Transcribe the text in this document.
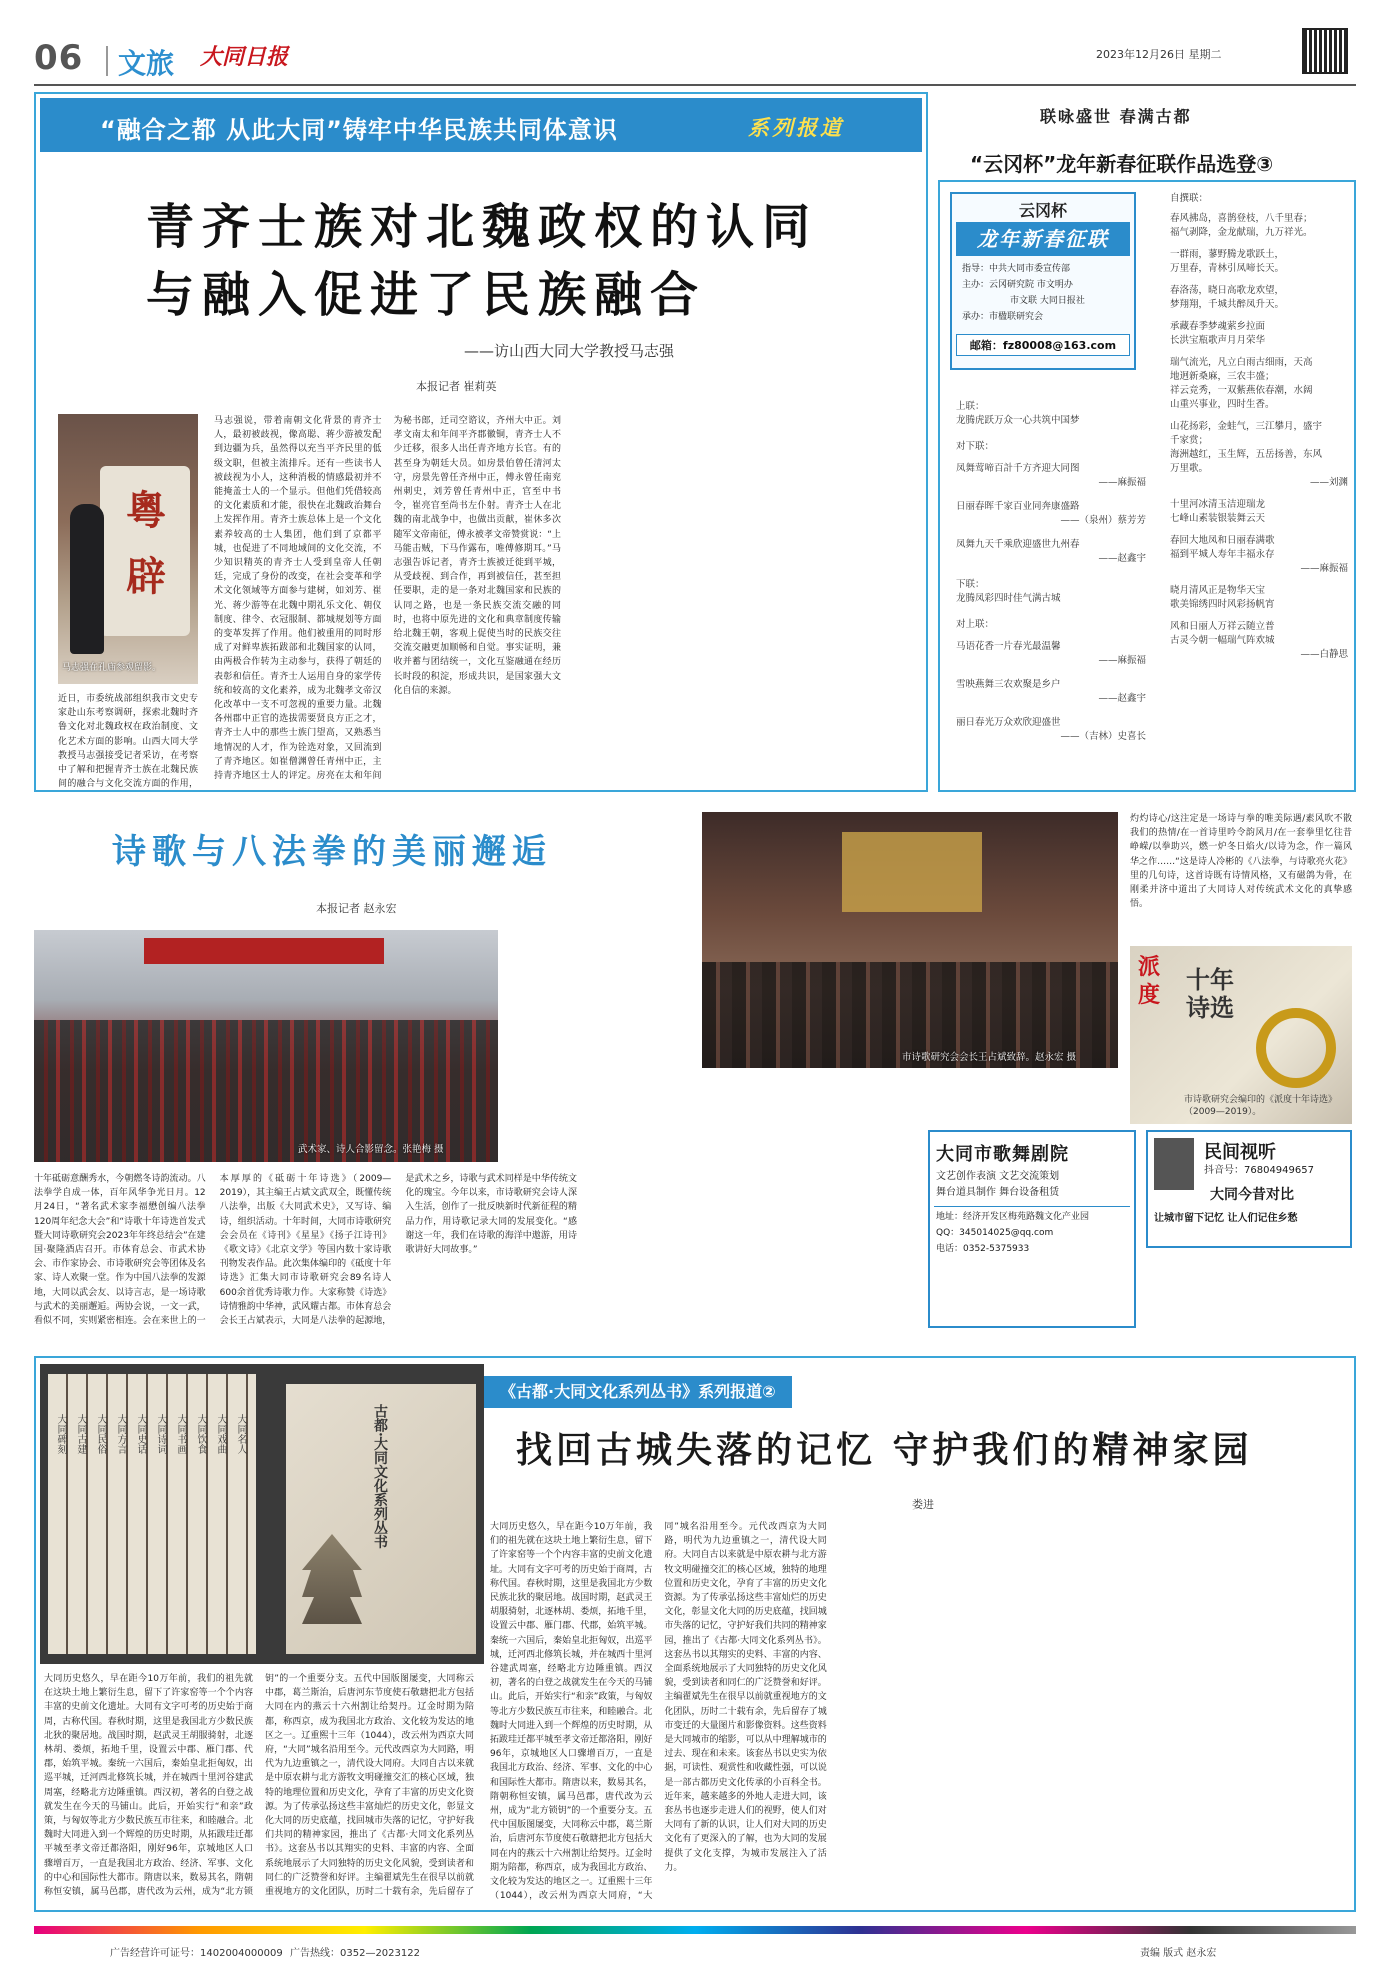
06 文旅 大同日报	2023年12月26日 星期二
“融合之都 从此大同”铸牢中华民族共同体意识	系列报道
青齐士族对北魏政权的认同
与融入促进了民族融合
——访山西大同大学教授马志强
本报记者 崔莉英
粵辟
马志强在孔庙参观留影。
近日，市委统战部组织我市文史专家赴山东考察调研，探索北魏时齐鲁文化对北魏政权在政治制度、文化艺术方面的影响。山西大同大学教授马志强接受记者采访，在考察中了解和把握青齐士族在北魏民族间的融合与文化交流方面的作用，
马志强说，带着南朝文化背景的青齐士人，最初被歧视，像高聪、蒋少游被发配到边疆为兵，虽然得以充当平齐民里的低级文职，但被主流排斥。还有一些读书人被歧视为小人，这种消极的情感最初并不能掩盖士人的一个显示。但他们凭借较高的文化素质和才能，很快在北魏政治舞台上发挥作用。青齐士族总体上是一个文化素养较高的士人集团，他们到了京都平城，也促进了不同地域间的文化交流，不少知识精英的青齐士人受到皇帝人任朝廷，完成了身份的改变，在社会变革和学术文化领域等方面参与建树，如刘芳、崔光、蒋少游等在北魏中期礼乐文化、朝仪制度、律令、衣冠服制、都城规划等方面的变革发挥了作用。他们被重用的同时形成了对鲜卑族拓跋部和北魏国家的认同，由两极合作转为主动参与，获得了朝廷的表彰和信任。青齐士人运用自身的家学传统和较高的文化素养，成为北魏孝文帝汉化改革中一支不可忽视的重要力量。北魏各州郡中正官的选拔需要贤良方正之才，青齐士人中的那些士族门望高，又熟悉当地情况的人才，作为铨选对象，又回流到了青齐地区。如崔僧渊曾任青州中正，主持青齐地区士人的评定。房亮在太和年间为秘书郎，迁司空谘议，齐州大中正。刘孝文南太和年间平齐郡徽铜，青齐士人不少迁移，很多人出任青齐地方长官。有的甚至身为朝廷大员。如房景伯曾任清河太守，房景先曾任齐州中正，傅永曾任南兖州刺史，刘芳曾任青州中正，官至中书令，崔亮官至尚书左仆射。青齐士人在北魏的南北战争中，也做出贡献，崔休多次随军文帝南征，傅永被孝文帝赞赏说：“上马能击贼，下马作露布，唯傅修期耳。”马志强告诉记者，青齐士族被迁徙到平城，从受歧视、到合作，再到被信任，甚至担任要职，走的是一条对北魏国家和民族的认同之路，也是一条民族交流交融的同时，也将中原先进的文化和典章制度传输给北魏王朝，客观上促使当时的民族交往交流交融更加顺畅和自觉。事实证明，兼收并蓄与团结统一，文化互鉴融通在经历长时段的积淀，形成共识，是国家强大文化自信的来源。
联咏盛世 春满古都
“云冈杯”龙年新春征联作品选登③
云冈杯
龙年新春征联
指导：中共大同市委宣传部
主办：云冈研究院 市文明办
市文联 大同日报社
承办：市楹联研究会
邮箱：fz80008@163.com
上联：
龙腾虎跃万众一心共筑中国梦
对下联：
凤舞莺啼百計千方齐迎大同图
——麻振福
日丽春晖千家百业同奔康盛路
——（泉州）蔡芳芳
凤舞九天千乘欣迎盛世九州春
——赵鑫宇
下联：
龙腾凤彩四时佳气满古城
对上联：
马语花香一片春光最温馨
——麻振福
雪映燕舞三农欢聚是乡户
——赵鑫宇
丽日春光万众欢欣迎盛世
——（吉林）史喜长
自撰联：
春风拂岛，喜鹊登枝，八千里春；
福气剥降，金龙献瑞，九万祥光。
一群雨，蓼野腾龙歌跃土，
万里春，青林引凤啼长天。
春洛荡，晓日高歌龙欢望，
梦翔翔，千城共醉凤升天。
承藏春季梦魂萦乡拉面
长洪宝瓶歌声月月荣华
瑞气流光，凡立白雨古细雨，天高
地迥新桑麻，三农丰盛；
祥云竞秀，一双紫燕依春潮，水阔
山重兴事业，四时生香。
山花扬彩，金蛙气，三江攀月，盛宇
千家赏；
海洲越红，玉生辉，五岳扬善，东风
万里歌。
——刘渊
十里河冰清玉洁迎瑞龙
七峰山素装银装舞云天
春回大地凤和日丽春满歌
福到平城人寿年丰福永存
——麻振福
晓月清风正是物华天宝
歌美锦绣四时风彩扬帆宵
风和日丽人万祥云随立普
古灵今朝一幅瑞气阵欢城
——白静思
诗歌与八法拳的美丽邂逅
本报记者 赵永宏
武术家、诗人合影留念。张艳梅 摄
市诗歌研究会会长王占斌致辞。赵永宏 摄
十年砥砺意酬秀水，今朝燃冬诗韵流动。八法拳学自成一体，百年风华争光日月。12月24日，“著名武术家李福懋创编八法拳120周年纪念大会”和“诗歌十年诗选首发式暨大同诗歌研究会2023年年终总结会”在建国·聚隆酒店召开。市体育总会、市武术协会、市作家协会、市诗歌研究会等团体及名家、诗人欢聚一堂。作为中国八法拳的发源地，大同以武会友、以诗言志，是一场诗歌与武术的美丽邂逅。两协会说，一文一武，看似不同，实则紧密相连。会在来世上的一本厚厚的《砥砺十年诗选》（2009—2019），其主编王占斌文武双全，既懂传统八法拳，出版《大同武术史》，又写诗、编诗，组织活动。十年时间，大同市诗歌研究会会员在《诗刊》《星星》《扬子江诗刊》《歌文诗》《北京文学》等国内数十家诗歌刊物发表作品。此次集体编印的《砥度十年诗选》汇集大同市诗歌研究会89名诗人600余首优秀诗歌力作。大家称赞《诗选》诗情雅韵中华神，武风耀古都。市体育总会会长王占斌表示，大同是八法拳的起源地，是武术之乡，诗歌与武术同样是中华传统文化的瑰宝。今年以来，市诗歌研究会诗人深入生活，创作了一批反映新时代新征程的精品力作，用诗歌记录大同的发展变化。“感谢这一年，我们在诗歌的海洋中遨游，用诗歌讲好大同故事。”
灼灼诗心/这注定是一场诗与拳的唯美际遇/素风吹不散我们的热情/在一首诗里吟令韵风月/在一套拳里忆往昔峥嵘/以拳助兴，燃一炉冬日焰火/以诗为念，作一篇风华之作……“这是诗人冷彬的《八法拳，与诗歌亮火花》里的几句诗，这首诗既有诗情风格，又有磁鸽为骨，在刚柔并济中道出了大同诗人对传统武术文化的真挚感悟。
派度
十年诗选
市诗歌研究会编印的《派度十年诗选》（2009—2019）。
大同市歌舞剧院
文艺创作表演 文艺交流策划
舞台道具制作 舞台设备租赁
地址：经济开发区梅苑路魏文化产业园
QQ：345014025@qq.com
电话：0352-5375933
民间视听
抖音号：76804949657
大同今昔对比
让城市留下记忆 让人们记住乡愁
大同碑刻 大同古建 大同民俗 大同方言 大同史话 大同诗词 大同书画 大同饮食 大同戏曲 大同名人	古都·大同文化系列丛书
《古都·大同文化系列丛书》系列报道②
找回古城失落的记忆 守护我们的精神家园
娄进
大同历史悠久，早在距今10万年前，我们的祖先就在这块土地上繁衍生息，留下了许家窑等一个个内容丰富的史前文化遗址。大同有文字可考的历史始于商周，古称代国。春秋时期，这里是我国北方少数民族北狄的聚居地。战国时期，赵武灵王胡服骑射，北逐林胡、娄烦，拓地千里，设置云中郡、雁门郡、代郡，始筑平城。秦统一六国后，秦始皇北拒匈奴，出巡平城，迁河西北修筑长城，并在城西十里河谷建武周塞，经略北方边陲重镇。西汉初，著名的白登之战就发生在今天的马铺山。此后，开始实行“和亲”政策，与匈奴等北方少数民族互市往来，和睦融合。北魏时大同进入到一个辉煌的历史时期，从拓跋珪迁都平城至孝文帝迁都洛阳，刚好96年，京城地区人口骤增百万，一直是我国北方政治、经济、军事、文化的中心和国际性大都市。隋唐以来，数易其名，隋朝称恒安镇，属马邑郡，唐代改为云州，成为“北方锁钥”的一个重要分支。五代中国版图屡变，大同称云中郡，葛兰斯治，后唐河东节度使石敬瑭把北方包括大同在内的燕云十六州割让给契丹。辽金时期为陪都，称西京，成为我国北方政治、文化较为发达的地区之一。辽重熙十三年（1044），改云州为西京大同府，“大同”城名沿用至今。元代改西京为大同路，明代为九边重镇之一，清代设大同府。大同自古以来就是中原农耕与北方游牧文明碰撞交汇的核心区域，独特的地理位置和历史文化，孕育了丰富的历史文化资源。为了传承弘扬这些丰富灿烂的历史文化，彰显文化大同的历史底蕴，找回城市失落的记忆，守护好我们共同的精神家园，推出了《古都·大同文化系列丛书》。这套丛书以其翔实的史料、丰富的内容、全面系统地展示了大同独特的历史文化风貌，受到读者和同仁的广泛赞誉和好评。主编翟斌先生在很早以前就重视地方的文化团队，历时二十载有余，先后留存了
大同历史悠久，早在距今10万年前，我们的祖先就在这块土地上繁衍生息，留下了许家窑等一个个内容丰富的史前文化遗址。大同有文字可考的历史始于商周，古称代国。春秋时期，这里是我国北方少数民族北狄的聚居地。战国时期，赵武灵王胡服骑射，北逐林胡、娄烦，拓地千里，设置云中郡、雁门郡、代郡，始筑平城。秦统一六国后，秦始皇北拒匈奴，出巡平城，迁河西北修筑长城，并在城西十里河谷建武周塞，经略北方边陲重镇。西汉初，著名的白登之战就发生在今天的马铺山。此后，开始实行“和亲”政策，与匈奴等北方少数民族互市往来，和睦融合。北魏时大同进入到一个辉煌的历史时期，从拓跋珪迁都平城至孝文帝迁都洛阳，刚好96年，京城地区人口骤增百万，一直是我国北方政治、经济、军事、文化的中心和国际性大都市。隋唐以来，数易其名，隋朝称恒安镇，属马邑郡，唐代改为云州，成为“北方锁钥”的一个重要分支。五代中国版图屡变，大同称云中郡，葛兰斯治，后唐河东节度使石敬瑭把北方包括大同在内的燕云十六州割让给契丹。辽金时期为陪都，称西京，成为我国北方政治、文化较为发达的地区之一。辽重熙十三年（1044），改云州为西京大同府，“大同”城名沿用至今。元代改西京为大同路，明代为九边重镇之一，清代设大同府。大同自古以来就是中原农耕与北方游牧文明碰撞交汇的核心区域，独特的地理位置和历史文化，孕育了丰富的历史文化资源。为了传承弘扬这些丰富灿烂的历史文化，彰显文化大同的历史底蕴，找回城市失落的记忆，守护好我们共同的精神家园，推出了《古都·大同文化系列丛书》。这套丛书以其翔实的史料、丰富的内容、全面系统地展示了大同独特的历史文化风貌，受到读者和同仁的广泛赞誉和好评。主编翟斌先生在很早以前就重视地方的文化团队，历时二十载有余，先后留存了城市变迁的大量图片和影像资料。这些资料是大同城市的缩影，可以从中理解城市的过去、现在和未来。该套丛书以史实为依据，可读性、观赏性和收藏性强，可以说是一部古都历史文化传承的小百科全书。近年来，越来越多的外地人走进大同，该套丛书也逐步走进人们的视野，使人们对大同有了新的认识，让人们对大同的历史文化有了更深入的了解，也为大同的发展提供了文化支撑，为城市发展注入了活力。
广告经营许可证号：1402004000009 广告热线：0352—2023122	责编 版式 赵永宏
